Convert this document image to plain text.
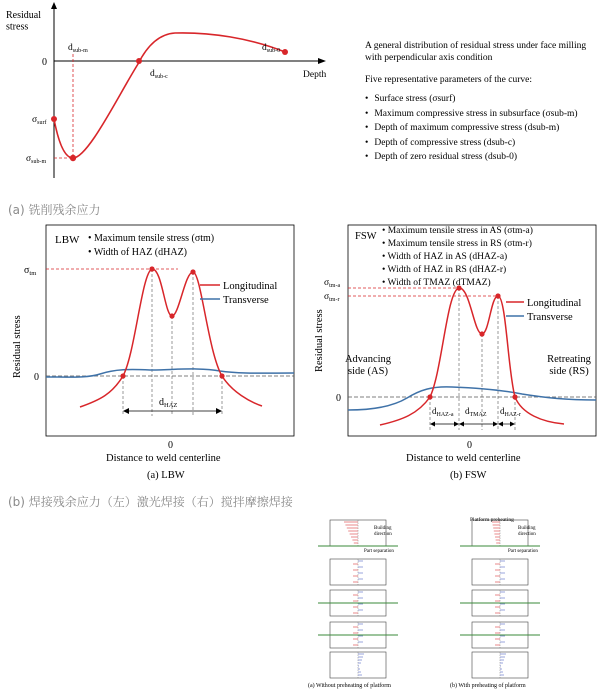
Residual stress
0
Depth
$d_{sub-m}$
$d_{sub-c}$
$d_{sub-0}$
$\sigma_{surf}$
$\sigma_{sub-m}$
A general distribution of residual stress under face milling with perpendicular axis condition
Five representative parameters of the curve:
• Surface stress (σsurf)
• Maximum compressive stress in subsurface (σsub-m)
• Depth of maximum compressive stress (dsub-m)
• Depth of compressive stress (dsub-c)
• Depth of zero residual stress (dsub-0)
(a) 铣削残余应力
Longitudinal
Transverse
LBW • Maximum tensile stress (σtm)
• Width of HAZ (dHAZ)
$\sigma_{tm}$
0
0
$d_{HAZ}$
Residual stress
Distance to weld centerline
(a) LBW
Longitudinal
Transverse
FSW • Maximum tensile stress in AS (σtm-a)
• Maximum tensile stress in RS (σtm-r)
• Width of HAZ in AS (dHAZ-a)
• Width of HAZ in RS (dHAZ-r)
• Width of TMAZ (dTMAZ)
$\sigma_{tm-a}$
$\sigma_{tm-r}$
Advancing side (AS)
Retreating side (RS)
0
0
$d_{HAZ-a}$ $d_{TMAZ}$ $d_{HAZ-r}$
Residual stress
Distance to weld centerline
(b) FSW
(b) 焊接残余应力（左）激光焊接（右）搅拌摩擦焊接
(a) Without preheating of platform	(b) With preheating of platform
Platform preheating
Building direction
Building direction
Part separation	Part separation
